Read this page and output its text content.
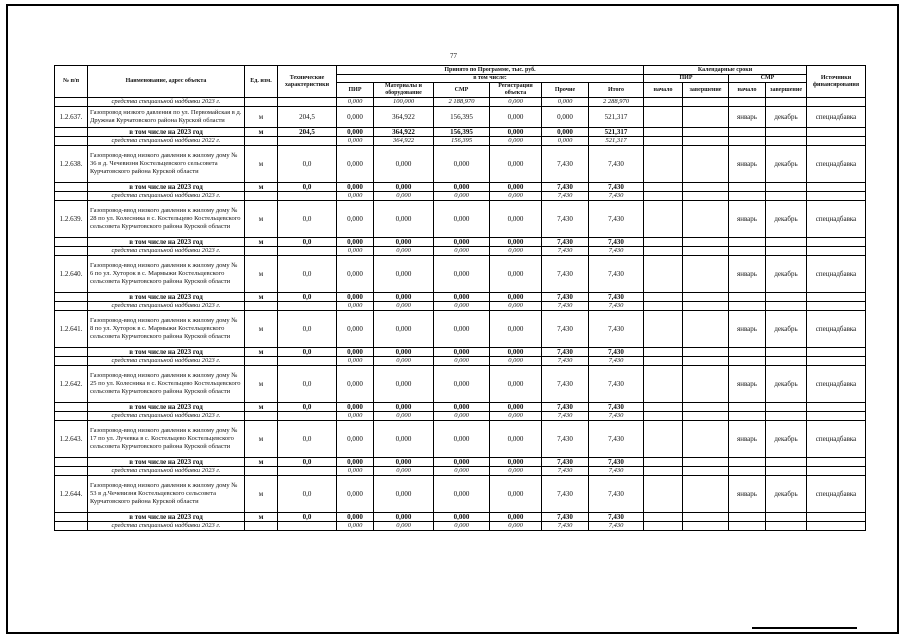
77
№ п/п	Наименование, адрес объекта	Ед. изм.	Технические характеристики	Принято по Программе, тыс. руб.						Календарные сроки				Источники финансирования
				в том числе:						ПИР		СМР		
				ПИР	Материалы и оборудование	СМР	Регистрация объекта	Прочие	Итого	начало	завершение	начало	завершение	
	средства специальной надбавки 2023 г.			0,000	100,000	2 188,970	0,000	0,000	2 288,970					
1.2.637.	Газопровод низкого давления по ул. Первомайская в д. Дружная Курчатовского района Курской области	м	204,5	0,000	364,922	156,395	0,000	0,000	521,317			январь	декабрь	спецнадбавка
	в том числе на 2023 год	м	204,5	0,000	364,922	156,395	0,000	0,000	521,317					
	средства специальной надбавки 2022 г.			0,000	364,922	156,395	0,000	0,000	521,317					
1.2.638.	Газопровод-ввод низкого давления к жилому дому № 36 в д. Чечевизня Костельцевского сельсовета Курчатовского района Курской области	м	0,0	0,000	0,000	0,000	0,000	7,430	7,430			январь	декабрь	спецнадбавка
	в том числе на 2023 год	м	0,0	0,000	0,000	0,000	0,000	7,430	7,430					
	средства специальной надбавки 2023 г.			0,000	0,000	0,000	0,000	7,430	7,430					
1.2.639.	Газопровод-ввод низкого давления к жилому дому № 28 по ул. Колесника в с. Костельцево Костельцевского сельсовета Курчатовского района Курской области	м	0,0	0,000	0,000	0,000	0,000	7,430	7,430			январь	декабрь	спецнадбавка
	в том числе на 2023 год	м	0,0	0,000	0,000	0,000	0,000	7,430	7,430					
	средства специальной надбавки 2023 г.			0,000	0,000	0,000	0,000	7,430	7,430					
1.2.640.	Газопровод-ввод низкого давления к жилому дому № 6 по ул. Хуторок в с. Мармыжи Костельцевского сельсовета Курчатовского района Курской области	м	0,0	0,000	0,000	0,000	0,000	7,430	7,430			январь	декабрь	спецнадбавка
	в том числе на 2023 год	м	0,0	0,000	0,000	0,000	0,000	7,430	7,430					
	средства специальной надбавки 2023 г.			0,000	0,000	0,000	0,000	7,430	7,430					
1.2.641.	Газопровод-ввод низкого давления к жилому дому № 8 по ул. Хуторок в с. Мармыжи Костельцевского сельсовета Курчатовского района Курской области	м	0,0	0,000	0,000	0,000	0,000	7,430	7,430			январь	декабрь	спецнадбавка
	в том числе на 2023 год	м	0,0	0,000	0,000	0,000	0,000	7,430	7,430					
	средства специальной надбавки 2023 г.			0,000	0,000	0,000	0,000	7,430	7,430					
1.2.642.	Газопровод-ввод низкого давления к жилому дому № 25 по ул. Колесника в с. Костельцево Костельцевского сельсовета Курчатовского района Курской области	м	0,0	0,000	0,000	0,000	0,000	7,430	7,430			январь	декабрь	спецнадбавка
	в том числе на 2023 год	м	0,0	0,000	0,000	0,000	0,000	7,430	7,430					
	средства специальной надбавки 2023 г.			0,000	0,000	0,000	0,000	7,430	7,430					
1.2.643.	Газопровод-ввод низкого давления к жилому дому № 17 по ул. Лучевка в с. Костельцево Костельцевского сельсовета Курчатовского района Курской области	м	0,0	0,000	0,000	0,000	0,000	7,430	7,430			январь	декабрь	спецнадбавка
	в том числе на 2023 год	м	0,0	0,000	0,000	0,000	0,000	7,430	7,430					
	средства специальной надбавки 2023 г.			0,000	0,000	0,000	0,000	7,430	7,430					
1.2.644.	Газопровод-ввод низкого давления к жилому дому № 53 в д.Чечевизня Костельцевского сельсовета Курчатовского района Курской области	м	0,0	0,000	0,000	0,000	0,000	7,430	7,430			январь	декабрь	спецнадбавка
	в том числе на 2023 год	м	0,0	0,000	0,000	0,000	0,000	7,430	7,430					
	средства специальной надбавки 2023 г.			0,000	0,000	0,000	0,000	7,430	7,430					
